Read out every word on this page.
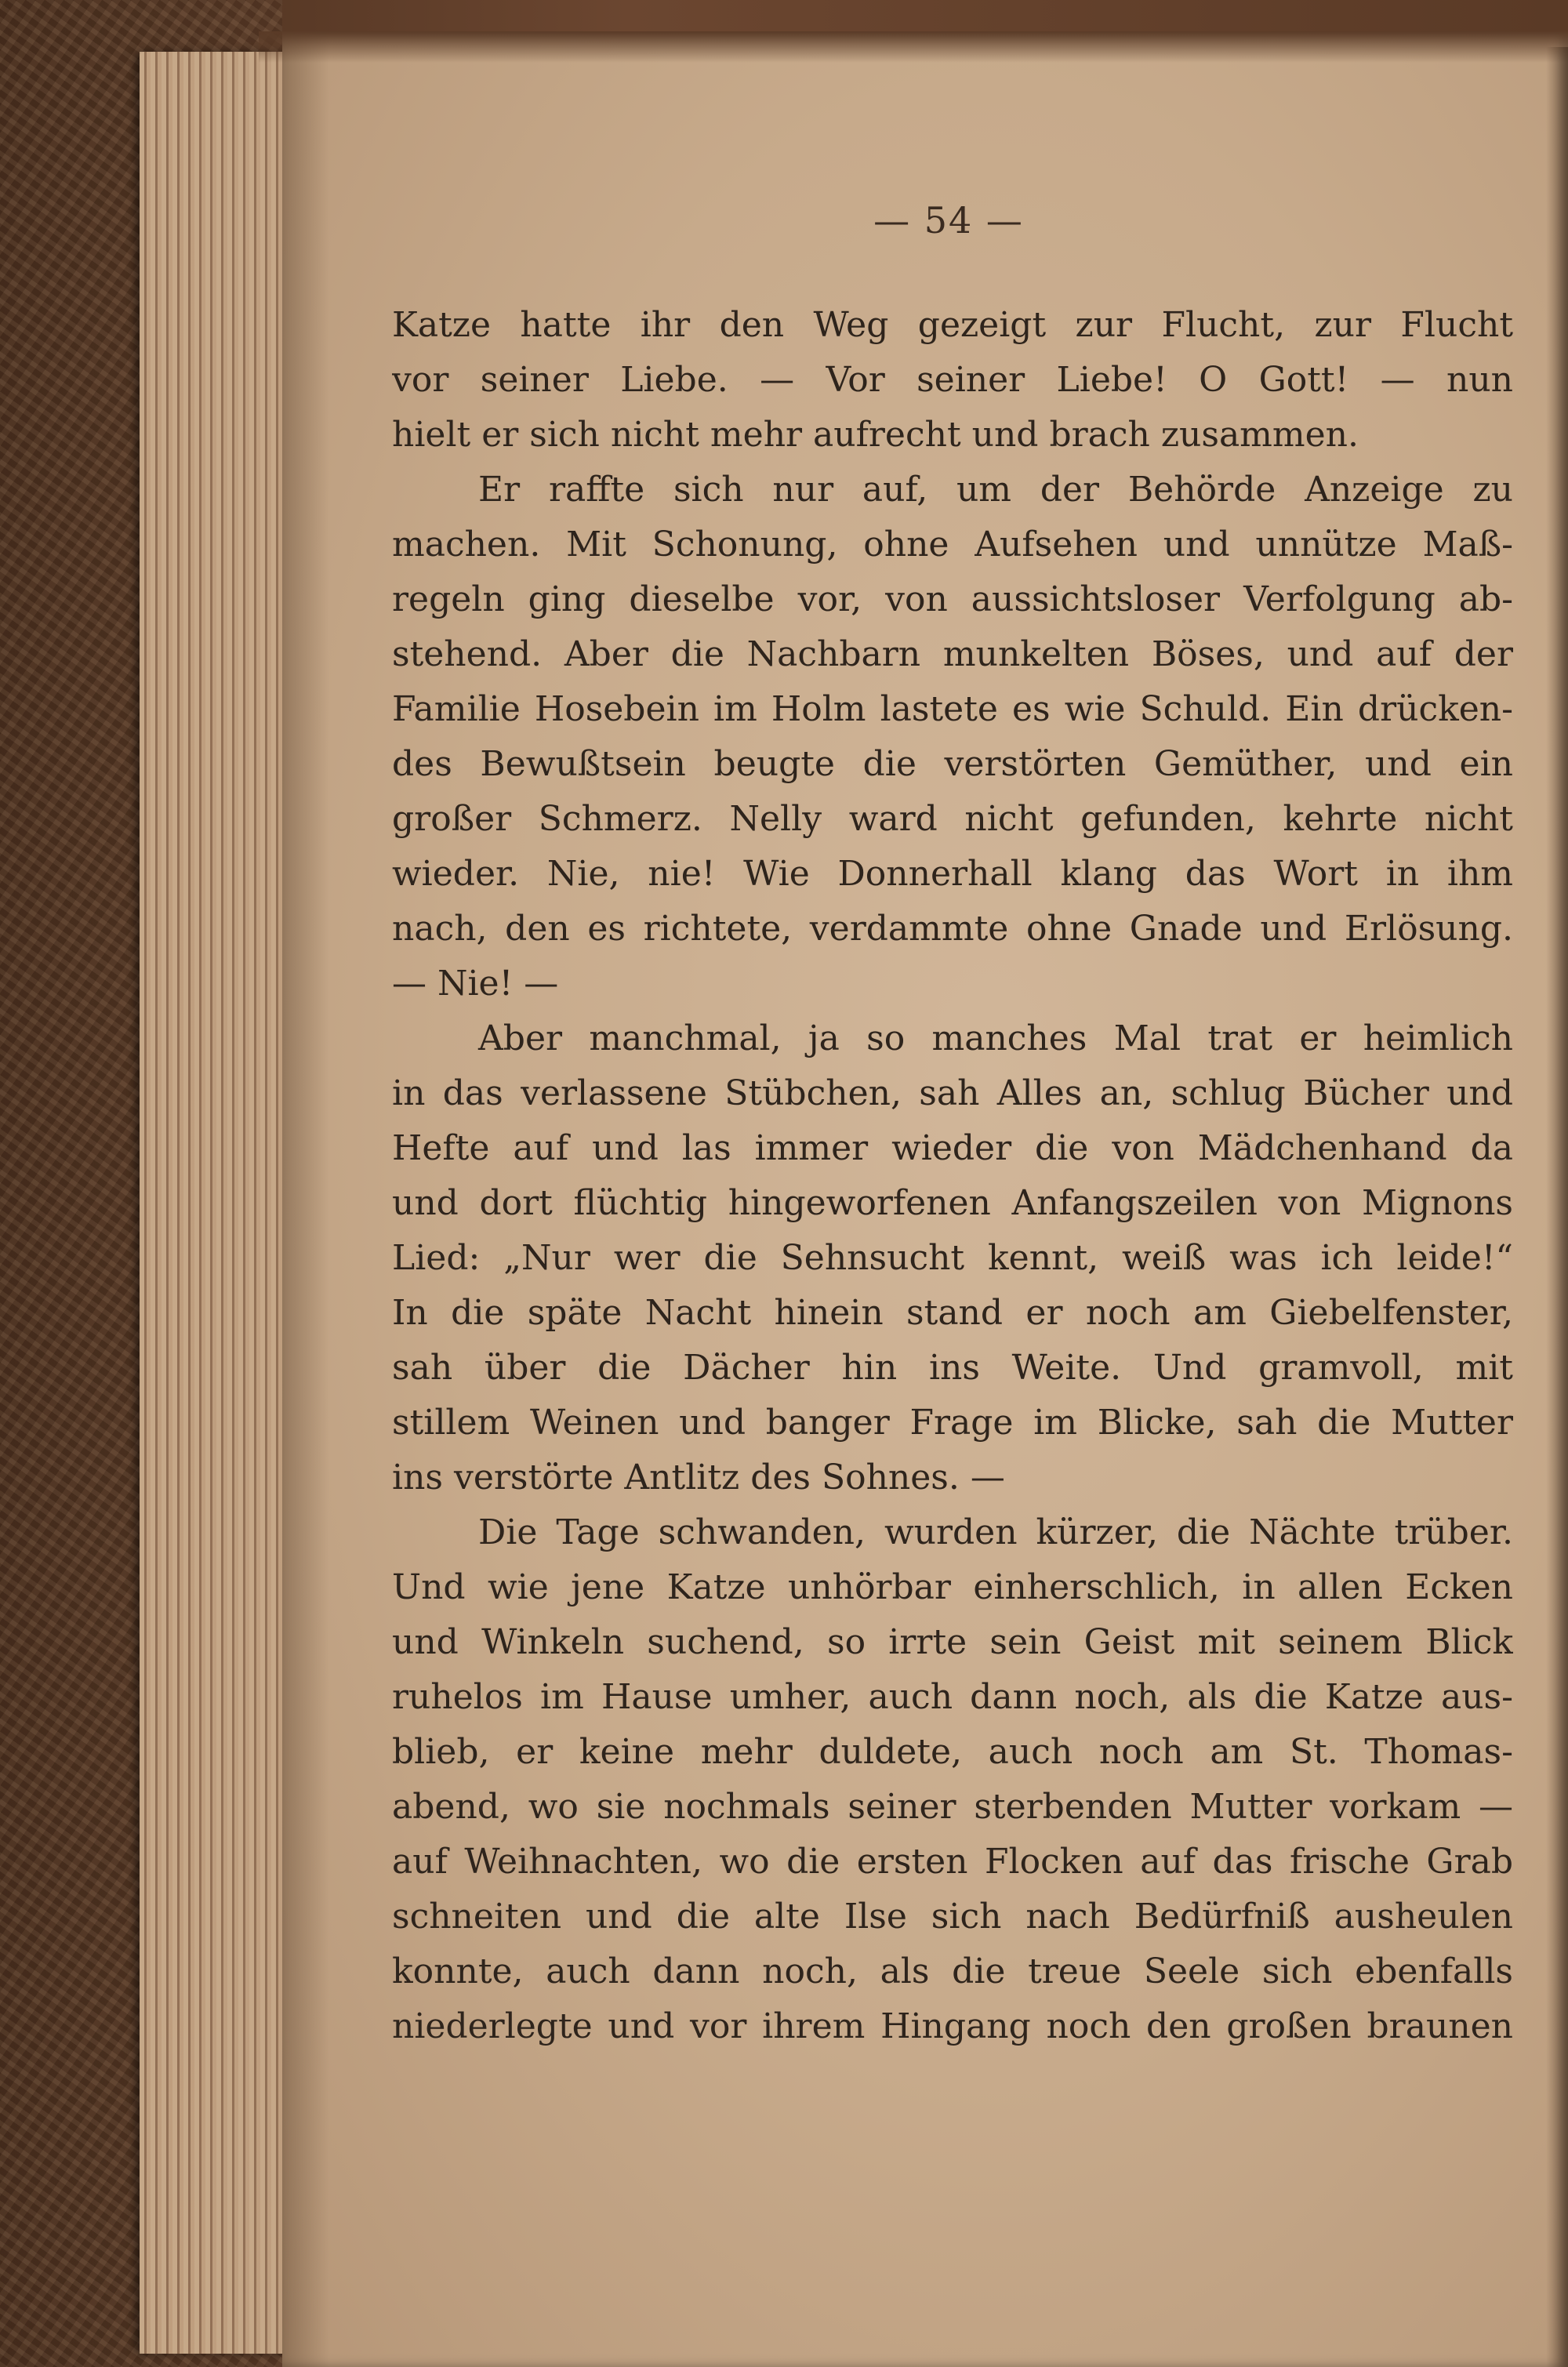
— 54 —
Katze hatte ihr den Weg gezeigt zur Flucht, zur Flucht
vor seiner Liebe. — Vor seiner Liebe! O Gott! — nun
hielt er sich nicht mehr aufrecht und brach zusammen.
Er raffte sich nur auf, um der Behörde Anzeige zu
machen. Mit Schonung, ohne Aufsehen und unnütze Maß-
regeln ging dieselbe vor, von aussichtsloser Verfolgung ab-
stehend. Aber die Nachbarn munkelten Böses, und auf der
Familie Hosebein im Holm lastete es wie Schuld. Ein drücken-
des Bewußtsein beugte die verstörten Gemüther, und ein
großer Schmerz. Nelly ward nicht gefunden, kehrte nicht
wieder. Nie, nie! Wie Donnerhall klang das Wort in ihm
nach, den es richtete, verdammte ohne Gnade und Erlösung.
— Nie! —
Aber manchmal, ja so manches Mal trat er heimlich
in das verlassene Stübchen, sah Alles an, schlug Bücher und
Hefte auf und las immer wieder die von Mädchenhand da
und dort flüchtig hingeworfenen Anfangszeilen von Mignons
Lied: „Nur wer die Sehnsucht kennt, weiß was ich leide!“
In die späte Nacht hinein stand er noch am Giebelfenster,
sah über die Dächer hin ins Weite. Und gramvoll, mit
stillem Weinen und banger Frage im Blicke, sah die Mutter
ins verstörte Antlitz des Sohnes. —
Die Tage schwanden, wurden kürzer, die Nächte trüber.
Und wie jene Katze unhörbar einherschlich, in allen Ecken
und Winkeln suchend, so irrte sein Geist mit seinem Blick
ruhelos im Hause umher, auch dann noch, als die Katze aus-
blieb, er keine mehr duldete, auch noch am St. Thomas-
abend, wo sie nochmals seiner sterbenden Mutter vorkam —
auf Weihnachten, wo die ersten Flocken auf das frische Grab
schneiten und die alte Ilse sich nach Bedürfniß ausheulen
konnte, auch dann noch, als die treue Seele sich ebenfalls
niederlegte und vor ihrem Hingang noch den großen braunen
